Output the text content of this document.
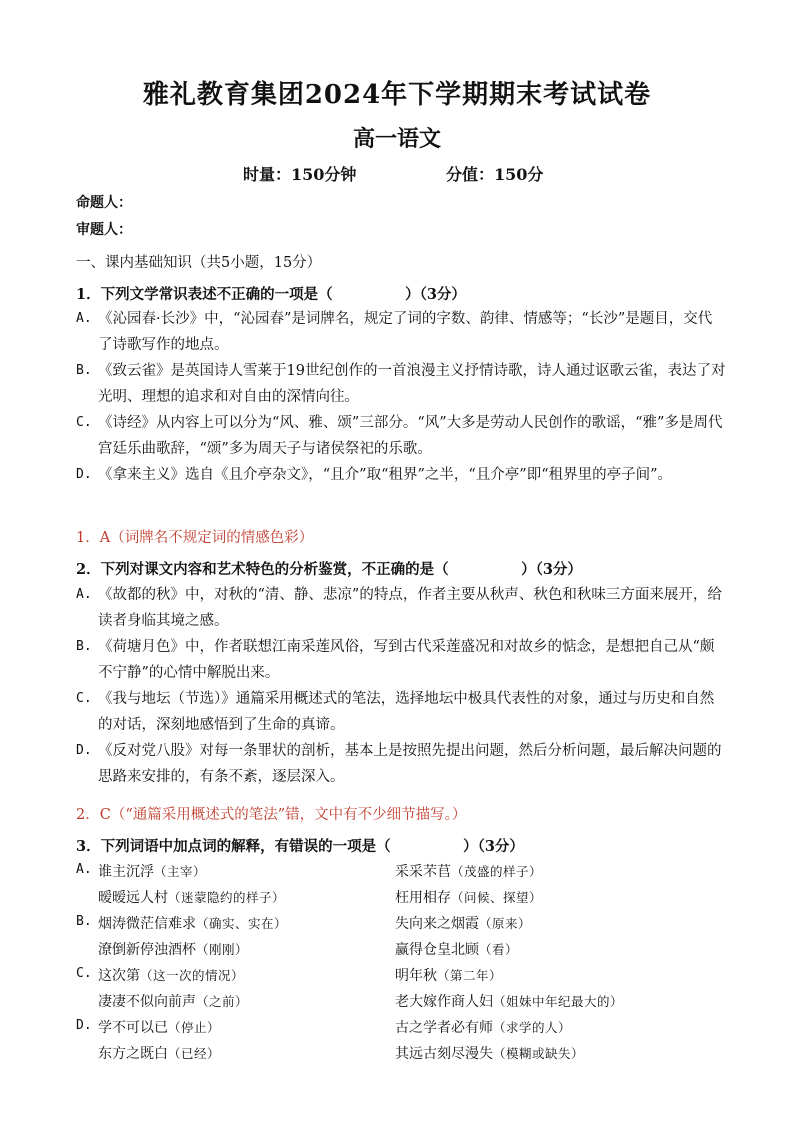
雅礼教育集团2024年下学期期末考试试卷
高一语文
时量：150分钟	分值：150分
命题人：
审题人：
一、课内基础知识（共5小题，15分）
1．下列文学常识表述不正确的一项是（　　　　　）（3分）
A. 《沁园春·长沙》中，“沁园春”是词牌名，规定了词的字数、韵律、情感等；“长沙”是题目，交代了诗歌写作的地点。
B. 《致云雀》是英国诗人雪莱于19世纪创作的一首浪漫主义抒情诗歌，诗人通过讴歌云雀，表达了对光明、理想的追求和对自由的深情向往。
C. 《诗经》从内容上可以分为“风、雅、颂”三部分。“风”大多是劳动人民创作的歌谣，“雅”多是周代宫廷乐曲歌辞，“颂”多为周天子与诸侯祭祀的乐歌。
D. 《拿来主义》选自《且介亭杂文》，“且介”取“租界”之半，“且介亭”即“租界里的亭子间”。
1．A（词牌名不规定词的情感色彩）
2．下列对课文内容和艺术特色的分析鉴赏，不正确的是（　　　　　）（3分）
A. 《故都的秋》中，对秋的“清、静、悲凉”的特点，作者主要从秋声、秋色和秋味三方面来展开，给读者身临其境之感。
B. 《荷塘月色》中，作者联想江南采莲风俗，写到古代采莲盛况和对故乡的惦念，是想把自己从“颇不宁静”的心情中解脱出来。
C. 《我与地坛（节选）》通篇采用概述式的笔法，选择地坛中极具代表性的对象，通过与历史和自然的对话，深刻地感悟到了生命的真谛。
D. 《反对党八股》对每一条罪状的剖析，基本上是按照先提出问题，然后分析问题，最后解决问题的思路来安排的，有条不紊，逐层深入。
2．C（“通篇采用概述式的笔法”错，文中有不少细节描写。）
3．下列词语中加点词的解释，有错误的一项是（　　　　　）（3分）
A. 谁主沉浮（主宰）	采采芣苢（茂盛的样子）
暧暧远人村（迷蒙隐约的样子）	枉用相存（问候、探望）
B. 烟涛微茫信难求（确实、实在）	失向来之烟霞（原来）
潦倒新停浊酒杯（刚刚）	赢得仓皇北顾（看）
C. 这次第（这一次的情况）	明年秋（第二年）
凄凄不似向前声（之前）	老大嫁作商人妇（姐妹中年纪最大的）
D. 学不可以已（停止）	古之学者必有师（求学的人）
东方之既白（已经）	其远古刻尽漫失（模糊或缺失）
